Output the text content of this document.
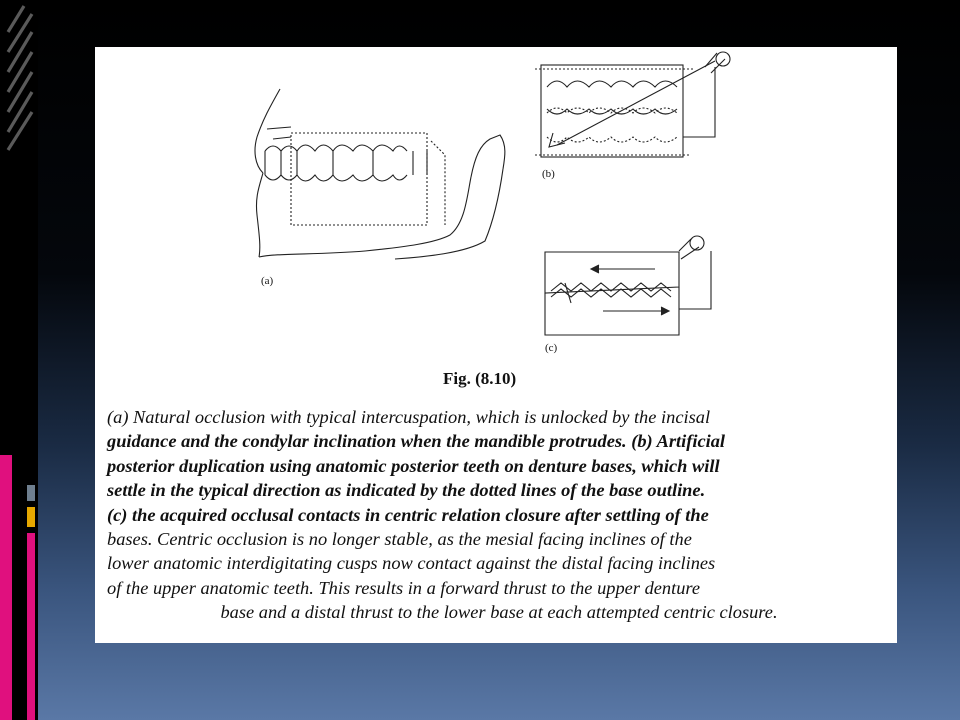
(a)
(b)
(c)
Fig. (8.10)
(a) Natural occlusion with typical intercuspation, which is unlocked by the incisal
guidance and the condylar inclination when the mandible protrudes. (b) Artificial
posterior duplication using anatomic posterior teeth on denture bases, which will
settle in the typical direction as indicated by the dotted lines of the base outline.
(c) the acquired occlusal contacts in centric relation closure after settling of the
bases. Centric occlusion is no longer stable, as the mesial facing inclines of the
lower anatomic interdigitating cusps now contact against the distal facing inclines
of the upper anatomic teeth. This results in a forward thrust to the upper denture
base and a distal thrust to the lower base at each attempted centric closure.
